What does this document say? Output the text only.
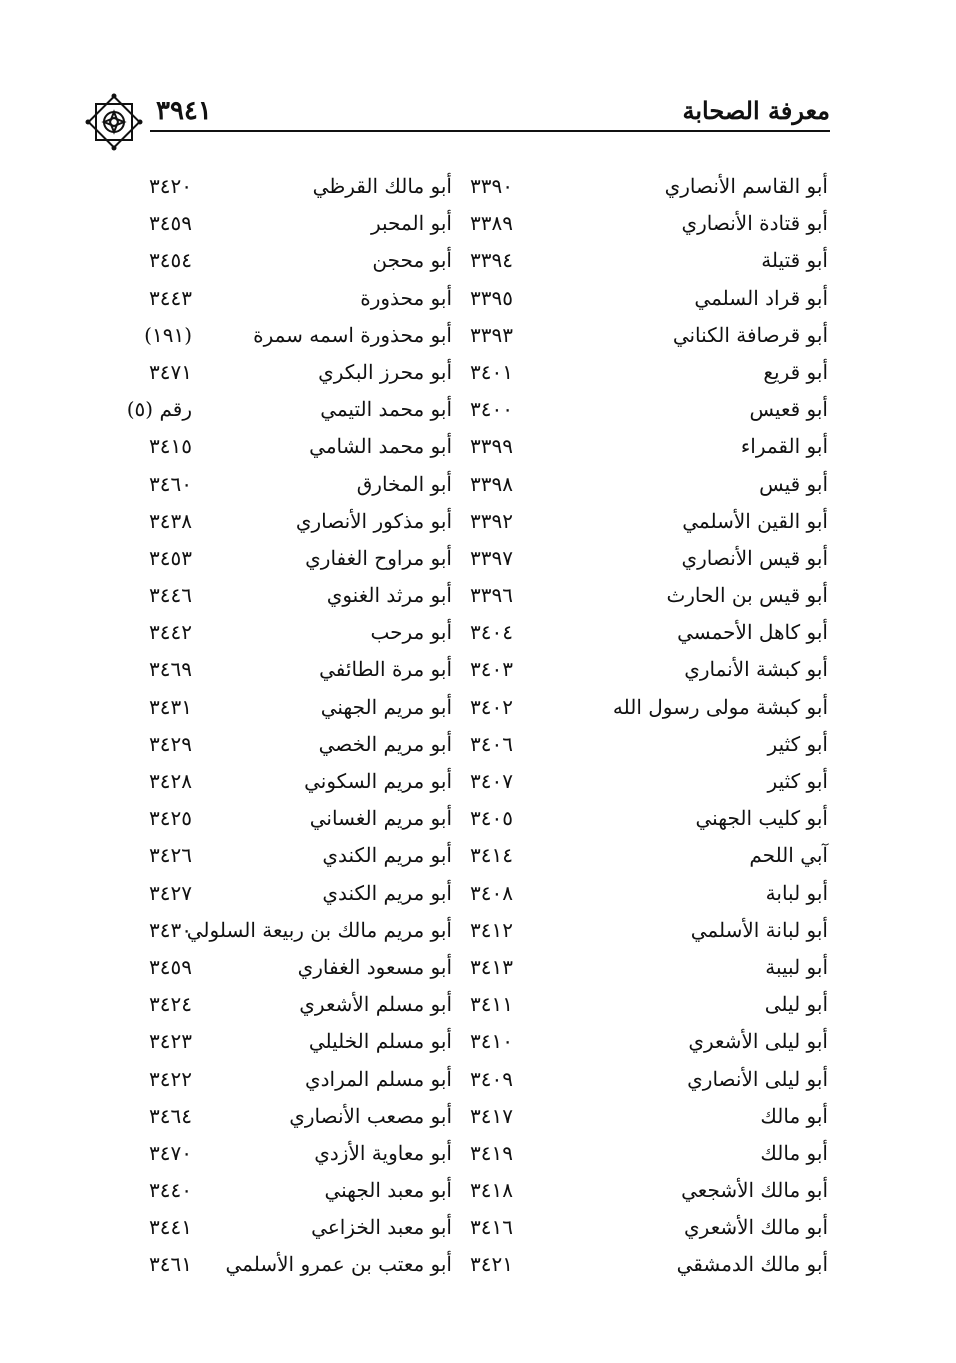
٣٩٤١	معرفة الصحابة
أبو القاسم الأنصاري
٣٣٩٠
أبو مالك القرظي
٣٤٢٠
أبو قتادة الأنصاري
٣٣٨٩
أبو المحبر
٣٤٥٩
أبو قتيلة
٣٣٩٤
أبو محجن
٣٤٥٤
أبو قراد السلمي
٣٣٩٥
أبو محذورة
٣٤٤٣
أبو قرصافة الكناني
٣٣٩٣
أبو محذورة اسمه سمرة
(١٩١)
أبو قريع
٣٤٠١
أبو محرز البكري
٣٤٧١
أبو قعيس
٣٤٠٠
أبو محمد التيمي
رقم (٥)
أبو القمراء
٣٣٩٩
أبو محمد الشامي
٣٤١٥
أبو قيس
٣٣٩٨
أبو المخارق
٣٤٦٠
أبو القين الأسلمي
٣٣٩٢
أبو مذكور الأنصاري
٣٤٣٨
أبو قيس الأنصاري
٣٣٩٧
أبو مراوح الغفاري
٣٤٥٣
أبو قيس بن الحارث
٣٣٩٦
أبو مرثد الغنوي
٣٤٤٦
أبو كاهل الأحمسي
٣٤٠٤
أبو مرحب
٣٤٤٢
أبو كبشة الأنماري
٣٤٠٣
أبو مرة الطائفي
٣٤٦٩
أبو كبشة مولى رسول الله
٣٤٠٢
أبو مريم الجهني
٣٤٣١
أبو كثير
٣٤٠٦
أبو مريم الخصي
٣٤٢٩
أبو كثير
٣٤٠٧
أبو مريم السكوني
٣٤٢٨
أبو كليب الجهني
٣٤٠٥
أبو مريم الغساني
٣٤٢٥
آبي اللحم
٣٤١٤
أبو مريم الكندي
٣٤٢٦
أبو لبابة
٣٤٠٨
أبو مريم الكندي
٣٤٢٧
أبو لبانة الأسلمي
٣٤١٢
أبو مريم مالك بن ربيعة السلولي
٣٤٣٠
أبو لبيبة
٣٤١٣
أبو مسعود الغفاري
٣٤٥٩
أبو ليلى
٣٤١١
أبو مسلم الأشعري
٣٤٢٤
أبو ليلى الأشعري
٣٤١٠
أبو مسلم الخليلي
٣٤٢٣
أبو ليلى الأنصاري
٣٤٠٩
أبو مسلم المرادي
٣٤٢٢
أبو مالك
٣٤١٧
أبو مصعب الأنصاري
٣٤٦٤
أبو مالك
٣٤١٩
أبو معاوية الأزدي
٣٤٧٠
أبو مالك الأشجعي
٣٤١٨
أبو معبد الجهني
٣٤٤٠
أبو مالك الأشعري
٣٤١٦
أبو معبد الخزاعي
٣٤٤١
أبو مالك الدمشقي
٣٤٢١
أبو معتب بن عمرو الأسلمي
٣٤٦١
